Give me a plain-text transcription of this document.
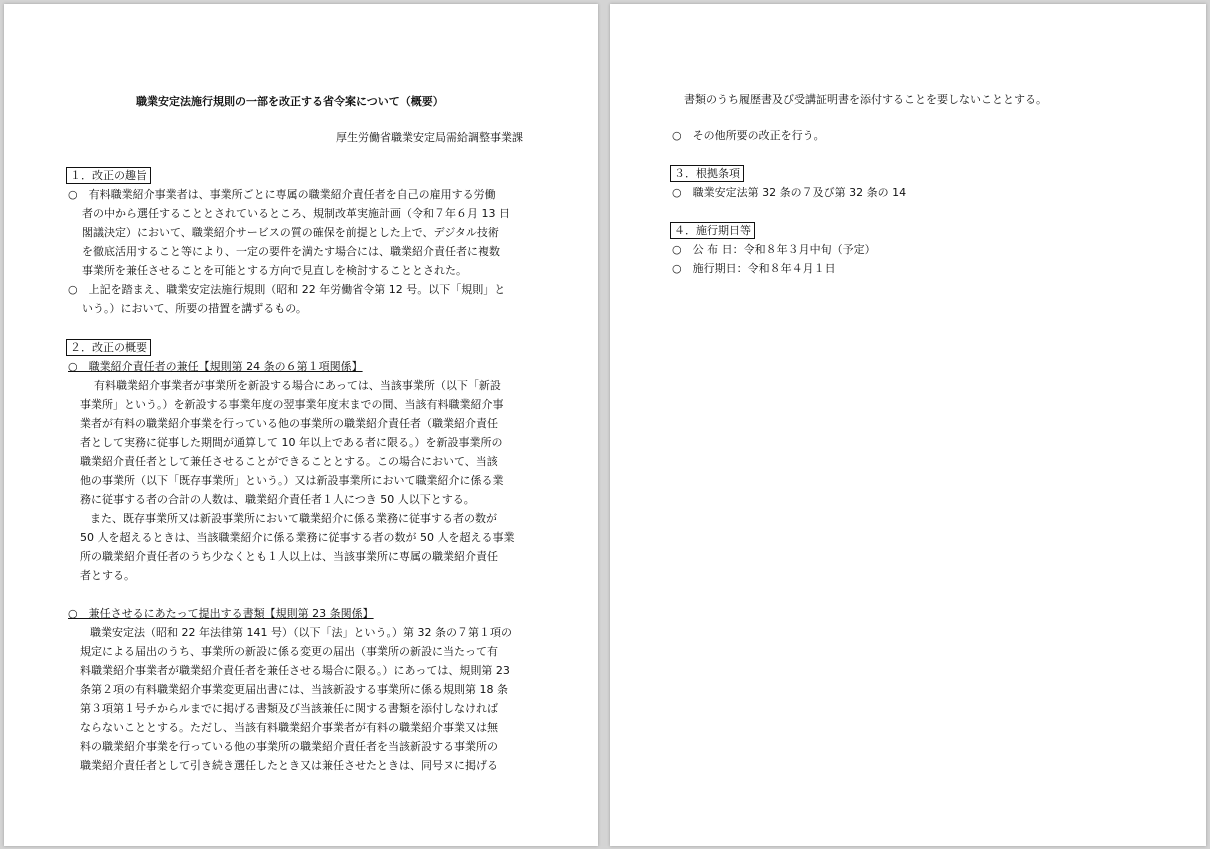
職業安定法施行規則の一部を改正する省令案について（概要）
厚生労働省職業安定局需給調整事業課
１．改正の趣旨
○　有料職業紹介事業者は、事業所ごとに専属の職業紹介責任者を自己の雇用する労働
者の中から選任することとされているところ、規制改革実施計画（令和７年６月 13 日
閣議決定）において、職業紹介サービスの質の確保を前提とした上で、デジタル技術
を徹底活用すること等により、一定の要件を満たす場合には、職業紹介責任者に複数
事業所を兼任させることを可能とする方向で見直しを検討することとされた。
○　上記を踏まえ、職業安定法施行規則（昭和 22 年労働省令第 12 号。以下「規則」と
いう。）において、所要の措置を講ずるもの。
２．改正の概要
○　職業紹介責任者の兼任【規則第 24 条の６第１項関係】
有料職業紹介事業者が事業所を新設する場合にあっては、当該事業所（以下「新設
事業所」という。）を新設する事業年度の翌事業年度末までの間、当該有料職業紹介事
業者が有料の職業紹介事業を行っている他の事業所の職業紹介責任者（職業紹介責任
者として実務に従事した期間が通算して 10 年以上である者に限る。）を新設事業所の
職業紹介責任者として兼任させることができることとする。この場合において、当該
他の事業所（以下「既存事業所」という。）又は新設事業所において職業紹介に係る業
務に従事する者の合計の人数は、職業紹介責任者１人につき 50 人以下とする。
また、既存事業所又は新設事業所において職業紹介に係る業務に従事する者の数が
50 人を超えるときは、当該職業紹介に係る業務に従事する者の数が 50 人を超える事業
所の職業紹介責任者のうち少なくとも１人以上は、当該事業所に専属の職業紹介責任
者とする。
○　兼任させるにあたって提出する書類【規則第 23 条関係】
職業安定法（昭和 22 年法律第 141 号）（以下「法」という。）第 32 条の７第１項の
規定による届出のうち、事業所の新設に係る変更の届出（事業所の新設に当たって有
料職業紹介事業者が職業紹介責任者を兼任させる場合に限る。）にあっては、規則第 23
条第２項の有料職業紹介事業変更届出書には、当該新設する事業所に係る規則第 18 条
第３項第１号チからルまでに掲げる書類及び当該兼任に関する書類を添付しなければ
ならないこととする。ただし、当該有料職業紹介事業者が有料の職業紹介事業又は無
料の職業紹介事業を行っている他の事業所の職業紹介責任者を当該新設する事業所の
職業紹介責任者として引き続き選任したとき又は兼任させたときは、同号ヌに掲げる
書類のうち履歴書及び受講証明書を添付することを要しないこととする。
○　その他所要の改正を行う。
３．根拠条項
○　職業安定法第 32 条の７及び第 32 条の 14
４．施行期日等
○　公 布 日：令和８年３月中旬（予定）
○　施行期日：令和８年４月１日
